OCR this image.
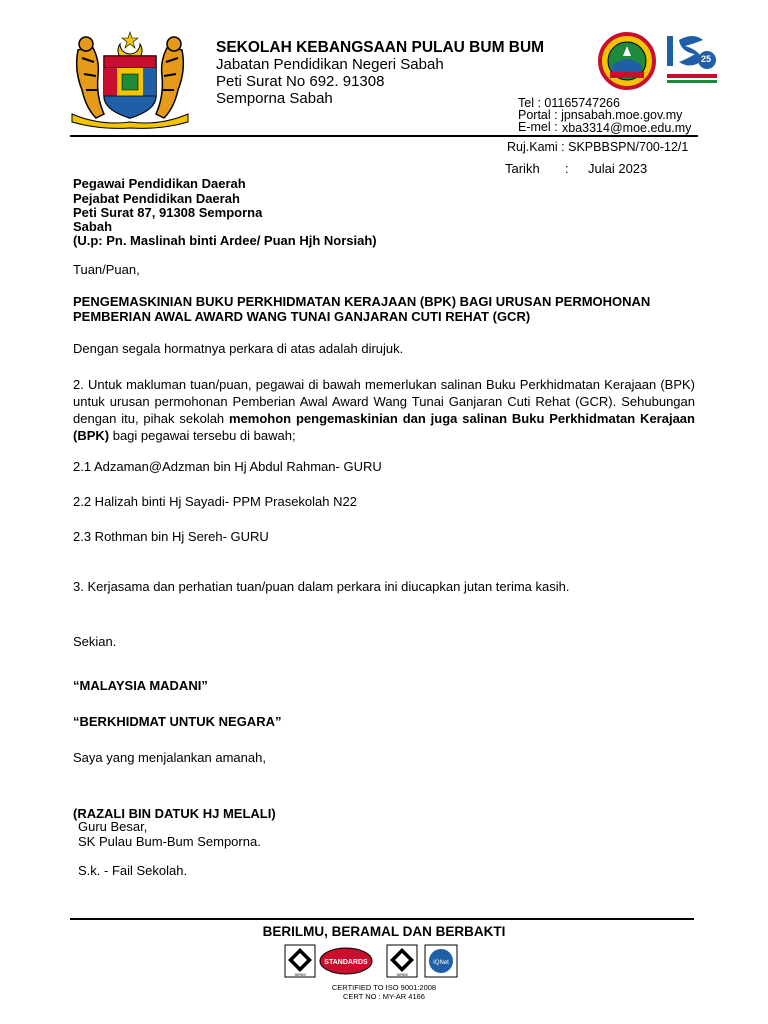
25
SEKOLAH KEBANGSAAN PULAU BUM BUM
Jabatan Pendidikan Negeri Sabah
Peti Surat No 692. 91308
Semporna Sabah	Tel : 01165747266
Portal : jpnsabah.moe.gov.my
E-mel : xba3314@moe.edu.my
Ruj.Kami : SKPBBSPN/700-12/1
Tarikh : Julai 2023
Pegawai Pendidikan Daerah
Pejabat Pendidikan Daerah
Peti Surat 87, 91308 Semporna
Sabah
(U.p: Pn. Maslinah binti Ardee/ Puan Hjh Norsiah)
Tuan/Puan,
PENGEMASKINIAN BUKU PERKHIDMATAN KERAJAAN (BPK) BAGI URUSAN PERMOHONAN
PEMBERIAN AWAL AWARD WANG TUNAI GANJARAN CUTI REHAT (GCR)
Dengan segala hormatnya perkara di atas adalah dirujuk.
2. Untuk makluman tuan/puan, pegawai di bawah memerlukan salinan Buku Perkhidmatan Kerajaan (BPK) untuk urusan permohonan Pemberian Awal Award Wang Tunai Ganjaran Cuti Rehat (GCR). Sehubungan dengan itu, pihak sekolah memohon pengemaskinian dan juga salinan Buku Perkhidmatan Kerajaan (BPK) bagi pegawai tersebu di bawah;
2.1 Adzaman@Adzman bin Hj Abdul Rahman- GURU
2.2 Halizah binti Hj Sayadi- PPM Prasekolah N22
2.3 Rothman bin Hj Sereh- GURU
3. Kerjasama dan perhatian tuan/puan dalam perkara ini diucapkan jutan terima kasih.
Sekian.
“MALAYSIA MADANI”
“BERKHIDMAT UNTUK NEGARA”
Saya yang menjalankan amanah,
(RAZALI BIN DATUK HJ MELALI)
Guru Besar,
SK Pulau Bum-Bum Semporna.
S.k. - Fail Sekolah.
BERILMU, BERAMAL DAN BERBAKTI
SIRIM
STANDARDS
SIRIM
IQNet
CERTIFIED TO ISO 9001:2008
CERT NO : MY-AR 4166
